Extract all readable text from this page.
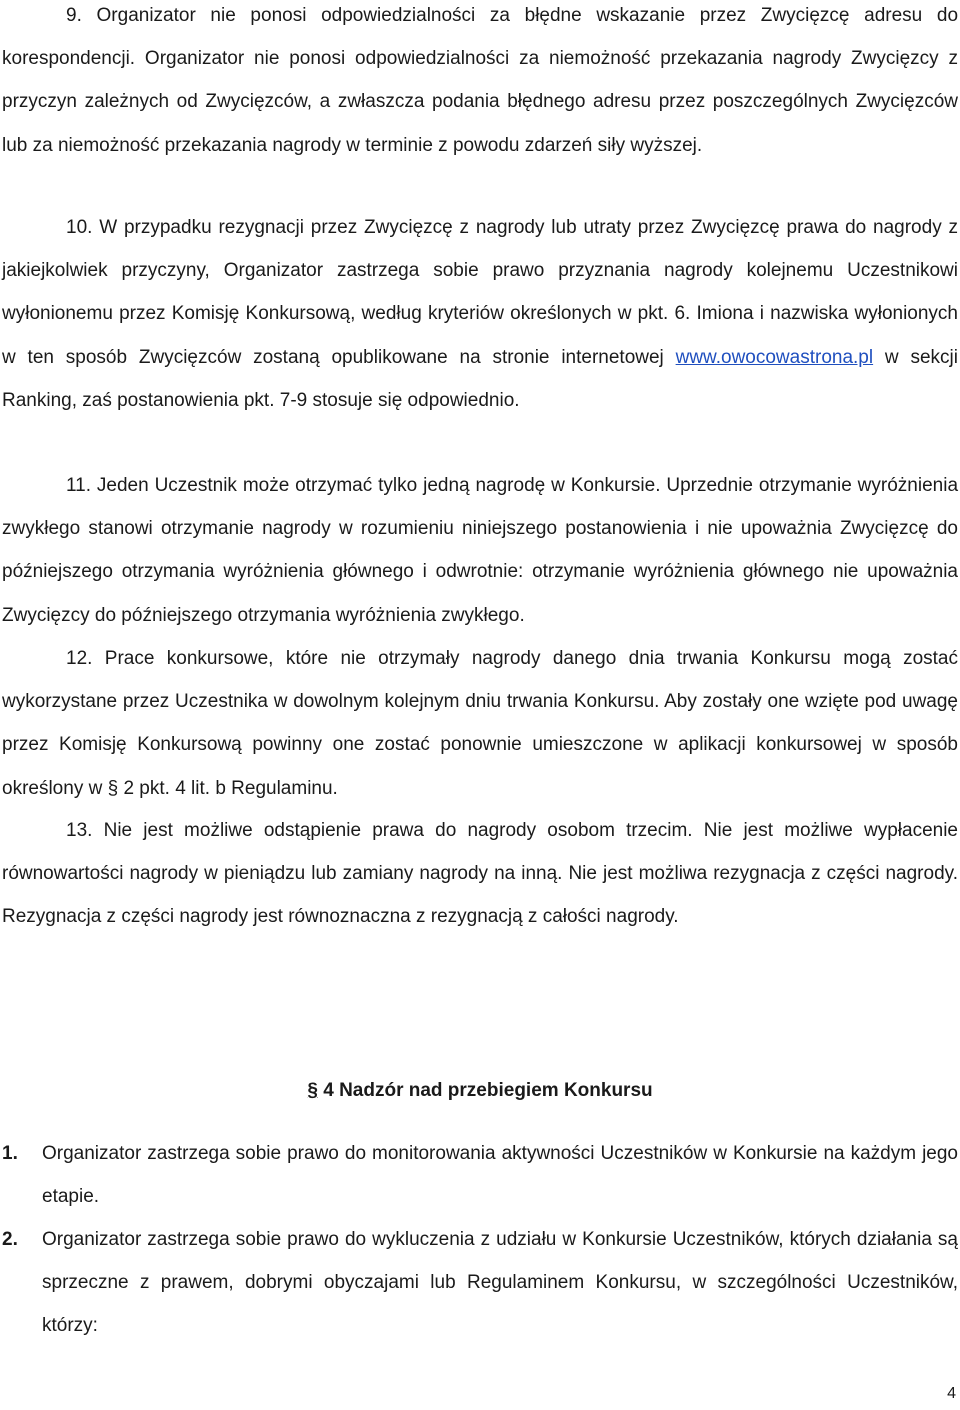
9. Organizator nie ponosi odpowiedzialności za błędne wskazanie przez Zwycięzcę adresu do korespondencji. Organizator nie ponosi odpowiedzialności za niemożność przekazania nagrody Zwycięzcy z przyczyn zależnych od Zwycięzców, a zwłaszcza podania błędnego adresu przez poszczególnych Zwycięzców lub za niemożność przekazania nagrody w terminie z powodu zdarzeń siły wyższej.

10. W przypadku rezygnacji przez Zwycięzcę z nagrody lub utraty przez Zwycięzcę prawa do nagrody z jakiejkolwiek przyczyny, Organizator zastrzega sobie prawo przyznania nagrody kolejnemu Uczestnikowi wyłonionemu przez Komisję Konkursową, według kryteriów określonych w pkt. 6. Imiona i nazwiska wyłonionych w ten sposób Zwycięzców zostaną opublikowane na stronie internetowej www.owocowastrona.pl w sekcji Ranking, zaś postanowienia pkt. 7-9 stosuje się odpowiednio.

11. Jeden Uczestnik może otrzymać tylko jedną nagrodę w Konkursie. Uprzednie otrzymanie wyróżnienia zwykłego stanowi otrzymanie nagrody w rozumieniu niniejszego postanowienia i nie upoważnia Zwycięzcę do późniejszego otrzymania wyróżnienia głównego i odwrotnie: otrzymanie wyróżnienia głównego nie upoważnia Zwycięzcy do późniejszego otrzymania wyróżnienia zwykłego.

12. Prace konkursowe, które nie otrzymały nagrody danego dnia trwania Konkursu mogą zostać wykorzystane przez Uczestnika w dowolnym kolejnym dniu trwania Konkursu. Aby zostały one wzięte pod uwagę przez Komisję Konkursową powinny one zostać ponownie umieszczone w aplikacji konkursowej w sposób określony w § 2 pkt. 4 lit. b Regulaminu.

13. Nie jest możliwe odstąpienie prawa do nagrody osobom trzecim. Nie jest możliwe wypłacenie równowartości nagrody w pieniądzu lub zamiany nagrody na inną. Nie jest możliwa rezygnacja z części nagrody. Rezygnacja z części nagrody jest równoznaczna z rezygnacją z całości nagrody.

§ 4 Nadzór nad przebiegiem Konkursu
1. Organizator zastrzega sobie prawo do monitorowania aktywności Uczestników w Konkursie na każdym jego etapie.
2. Organizator zastrzega sobie prawo do wykluczenia z udziału w Konkursie Uczestników, których działania są sprzeczne z prawem, dobrymi obyczajami lub Regulaminem Konkursu, w szczególności Uczestników, którzy:
4
